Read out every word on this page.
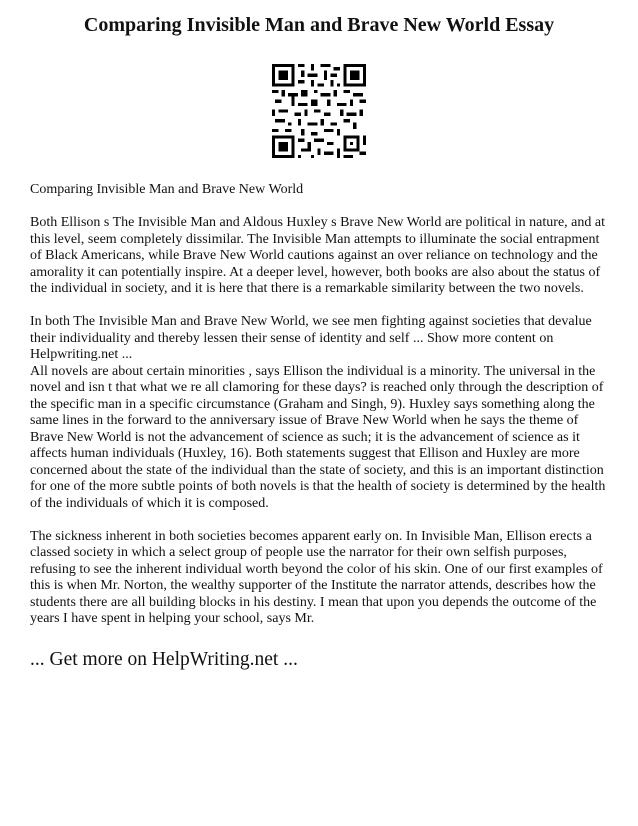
Comparing Invisible Man and Brave New World Essay

Comparing Invisible Man and Brave New World

Both Ellison s The Invisible Man and Aldous Huxley s Brave New World are political in nature, and at this level, seem completely dissimilar. The Invisible Man attempts to illuminate the social entrapment of Black Americans, while Brave New World cautions against an over reliance on technology and the amorality it can potentially inspire. At a deeper level, however, both books are also about the status of the individual in society, and it is here that there is a remarkable similarity between the two novels.

In both The Invisible Man and Brave New World, we see men fighting against societies that devalue their individuality and thereby lessen their sense of identity and self ... Show more content on Helpwriting.net ...

All novels are about certain minorities , says Ellison the individual is a minority. The universal in the novel and isn t that what we re all clamoring for these days? is reached only through the description of the specific man in a specific circumstance (Graham and Singh, 9). Huxley says something along the same lines in the forward to the anniversary issue of Brave New World when he says the theme of Brave New World is not the advancement of science as such; it is the advancement of science as it affects human individuals (Huxley, 16). Both statements suggest that Ellison and Huxley are more concerned about the state of the individual than the state of society, and this is an important distinction for one of the more subtle points of both novels is that the health of society is determined by the health of the individuals of which it is composed.

The sickness inherent in both societies becomes apparent early on. In Invisible Man, Ellison erects a classed society in which a select group of people use the narrator for their own selfish purposes, refusing to see the inherent individual worth beyond the color of his skin. One of our first examples of this is when Mr. Norton, the wealthy supporter of the Institute the narrator attends, describes how the students there are all building blocks in his destiny. I mean that upon you depends the outcome of the years I have spent in helping your school, says Mr.

... Get more on HelpWriting.net ...
